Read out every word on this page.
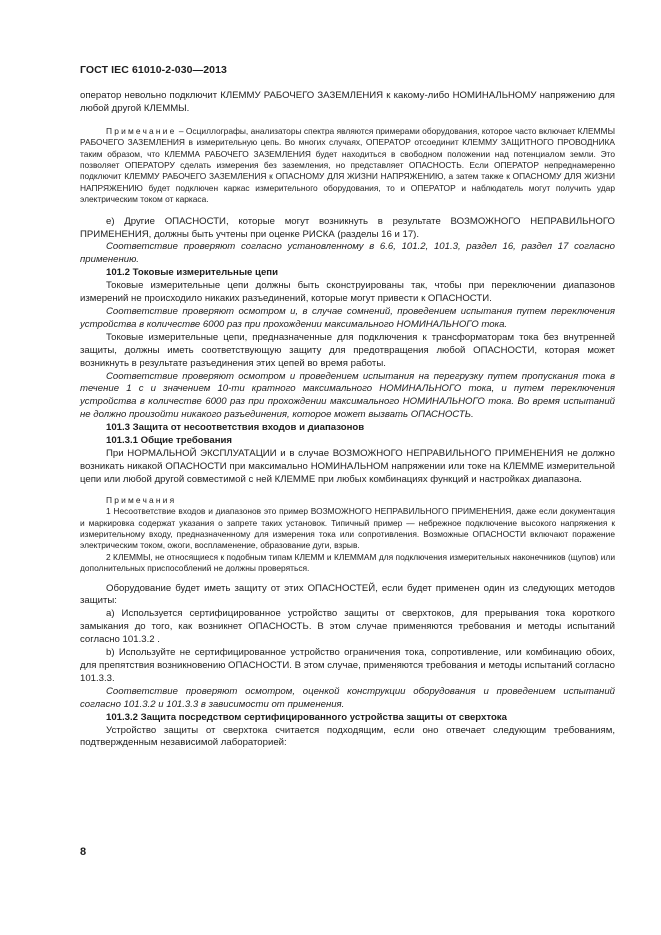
ГОСТ IEC 61010-2-030—2013

оператор невольно подключит КЛЕММУ РАБОЧЕГО ЗАЗЕМЛЕНИЯ к какому-либо НОМИНАЛЬНОМУ напряжению для любой другой КЛЕММЫ.

Примечание – Осциллографы, анализаторы спектра являются примерами оборудования, которое часто включает КЛЕММЫ РАБОЧЕГО ЗАЗЕМЛЕНИЯ в измерительную цепь. Во многих случаях, ОПЕРАТОР отсоединит КЛЕММУ ЗАЩИТНОГО ПРОВОДНИКА таким образом, что КЛЕММА РАБОЧЕГО ЗАЗЕМЛЕНИЯ будет находиться в свободном положении над потенциалом земли. Это позволяет ОПЕРАТОРУ сделать измерения без заземления, но представляет ОПАСНОСТЬ. Если ОПЕРАТОР непреднамеренно подключит КЛЕММУ РАБОЧЕГО ЗАЗЕМЛЕНИЯ к ОПАСНОМУ ДЛЯ ЖИЗНИ НАПРЯЖЕНИЮ, а затем также к ОПАСНОМУ ДЛЯ ЖИЗНИ НАПРЯЖЕНИЮ будет подключен каркас измерительного оборудования, то и ОПЕРАТОР и наблюдатель могут получить удар электрическим током от каркаса.

е) Другие ОПАСНОСТИ, которые могут возникнуть в результате ВОЗМОЖНОГО НЕПРАВИЛЬНОГО ПРИМЕНЕНИЯ, должны быть учтены при оценке РИСКА (разделы 16 и 17).

Соответствие проверяют согласно установленному в 6.6, 101.2, 101.3, раздел 16, раздел 17 согласно применению.

101.2 Токовые измерительные цепи

Токовые измерительные цепи должны быть сконструированы так, чтобы при переключении диапазонов измерений не происходило никаких разъединений, которые могут привести к ОПАСНОСТИ.

Соответствие проверяют осмотром и, в случае сомнений, проведением испытания путем переключения устройства в количестве 6000 раз при прохождении максимального НОМИНАЛЬНОГО тока.

Токовые измерительные цепи, предназначенные для подключения к трансформаторам тока без внутренней защиты, должны иметь соответствующую защиту для предотвращения любой ОПАСНОСТИ, которая может возникнуть в результате разъединения этих цепей во время работы.

Соответствие проверяют осмотром и проведением испытания на перегрузку путем пропускания тока в течение 1 с и значением 10-ти кратного максимального НОМИНАЛЬНОГО тока, и путем переключения устройства в количестве 6000 раз при прохождении максимального НОМИНАЛЬНОГО тока. Во время испытаний не должно произойти никакого разъединения, которое может вызвать ОПАСНОСТЬ.

101.3 Защита от несоответствия входов и диапазонов

101.3.1 Общие требования

При НОРМАЛЬНОЙ ЭКСПЛУАТАЦИИ и в случае ВОЗМОЖНОГО НЕПРАВИЛЬНОГО ПРИМЕНЕНИЯ не должно возникать никакой ОПАСНОСТИ при максимально НОМИНАЛЬНОМ напряжении или токе на КЛЕММЕ измерительной цепи или любой другой совместимой с ней КЛЕММЕ при любых комбинациях функций и настройках диапазона.

Примечания

1 Несоответствие входов и диапазонов это пример ВОЗМОЖНОГО НЕПРАВИЛЬНОГО ПРИМЕНЕНИЯ, даже если документация и маркировка содержат указания о запрете таких установок. Типичный пример — небрежное подключение высокого напряжения к измерительному входу, предназначенному для измерения тока или сопротивления. Возможные ОПАСНОСТИ включают поражение электрическим током, ожоги, воспламенение, образование дуги, взрыв.

2 КЛЕММЫ, не относящиеся к подобным типам КЛЕММ и КЛЕММАМ для подключения измерительных наконечников (щупов) или дополнительных приспособлений не должны проверяться.

Оборудование будет иметь защиту от этих ОПАСНОСТЕЙ, если будет применен один из следующих методов защиты:

а) Используется сертифицированное устройство защиты от сверхтоков, для прерывания тока короткого замыкания до того, как возникнет ОПАСНОСТЬ. В этом случае применяются требования и методы испытаний согласно 101.3.2 .

b) Используйте не сертифицированное устройство ограничения тока, сопротивление, или комбинацию обоих, для препятствия возникновению ОПАСНОСТИ. В этом случае, применяются требования и методы испытаний согласно 101.3.3.

Соответствие проверяют осмотром, оценкой конструкции оборудования и проведением испытаний согласно 101.3.2 и 101.3.3 в зависимости от применения.

101.3.2 Защита посредством сертифицированного устройства защиты от сверхтока

Устройство защиты от сверхтока считается подходящим, если оно отвечает следующим требованиям, подтвержденным независимой лабораторией:

8
